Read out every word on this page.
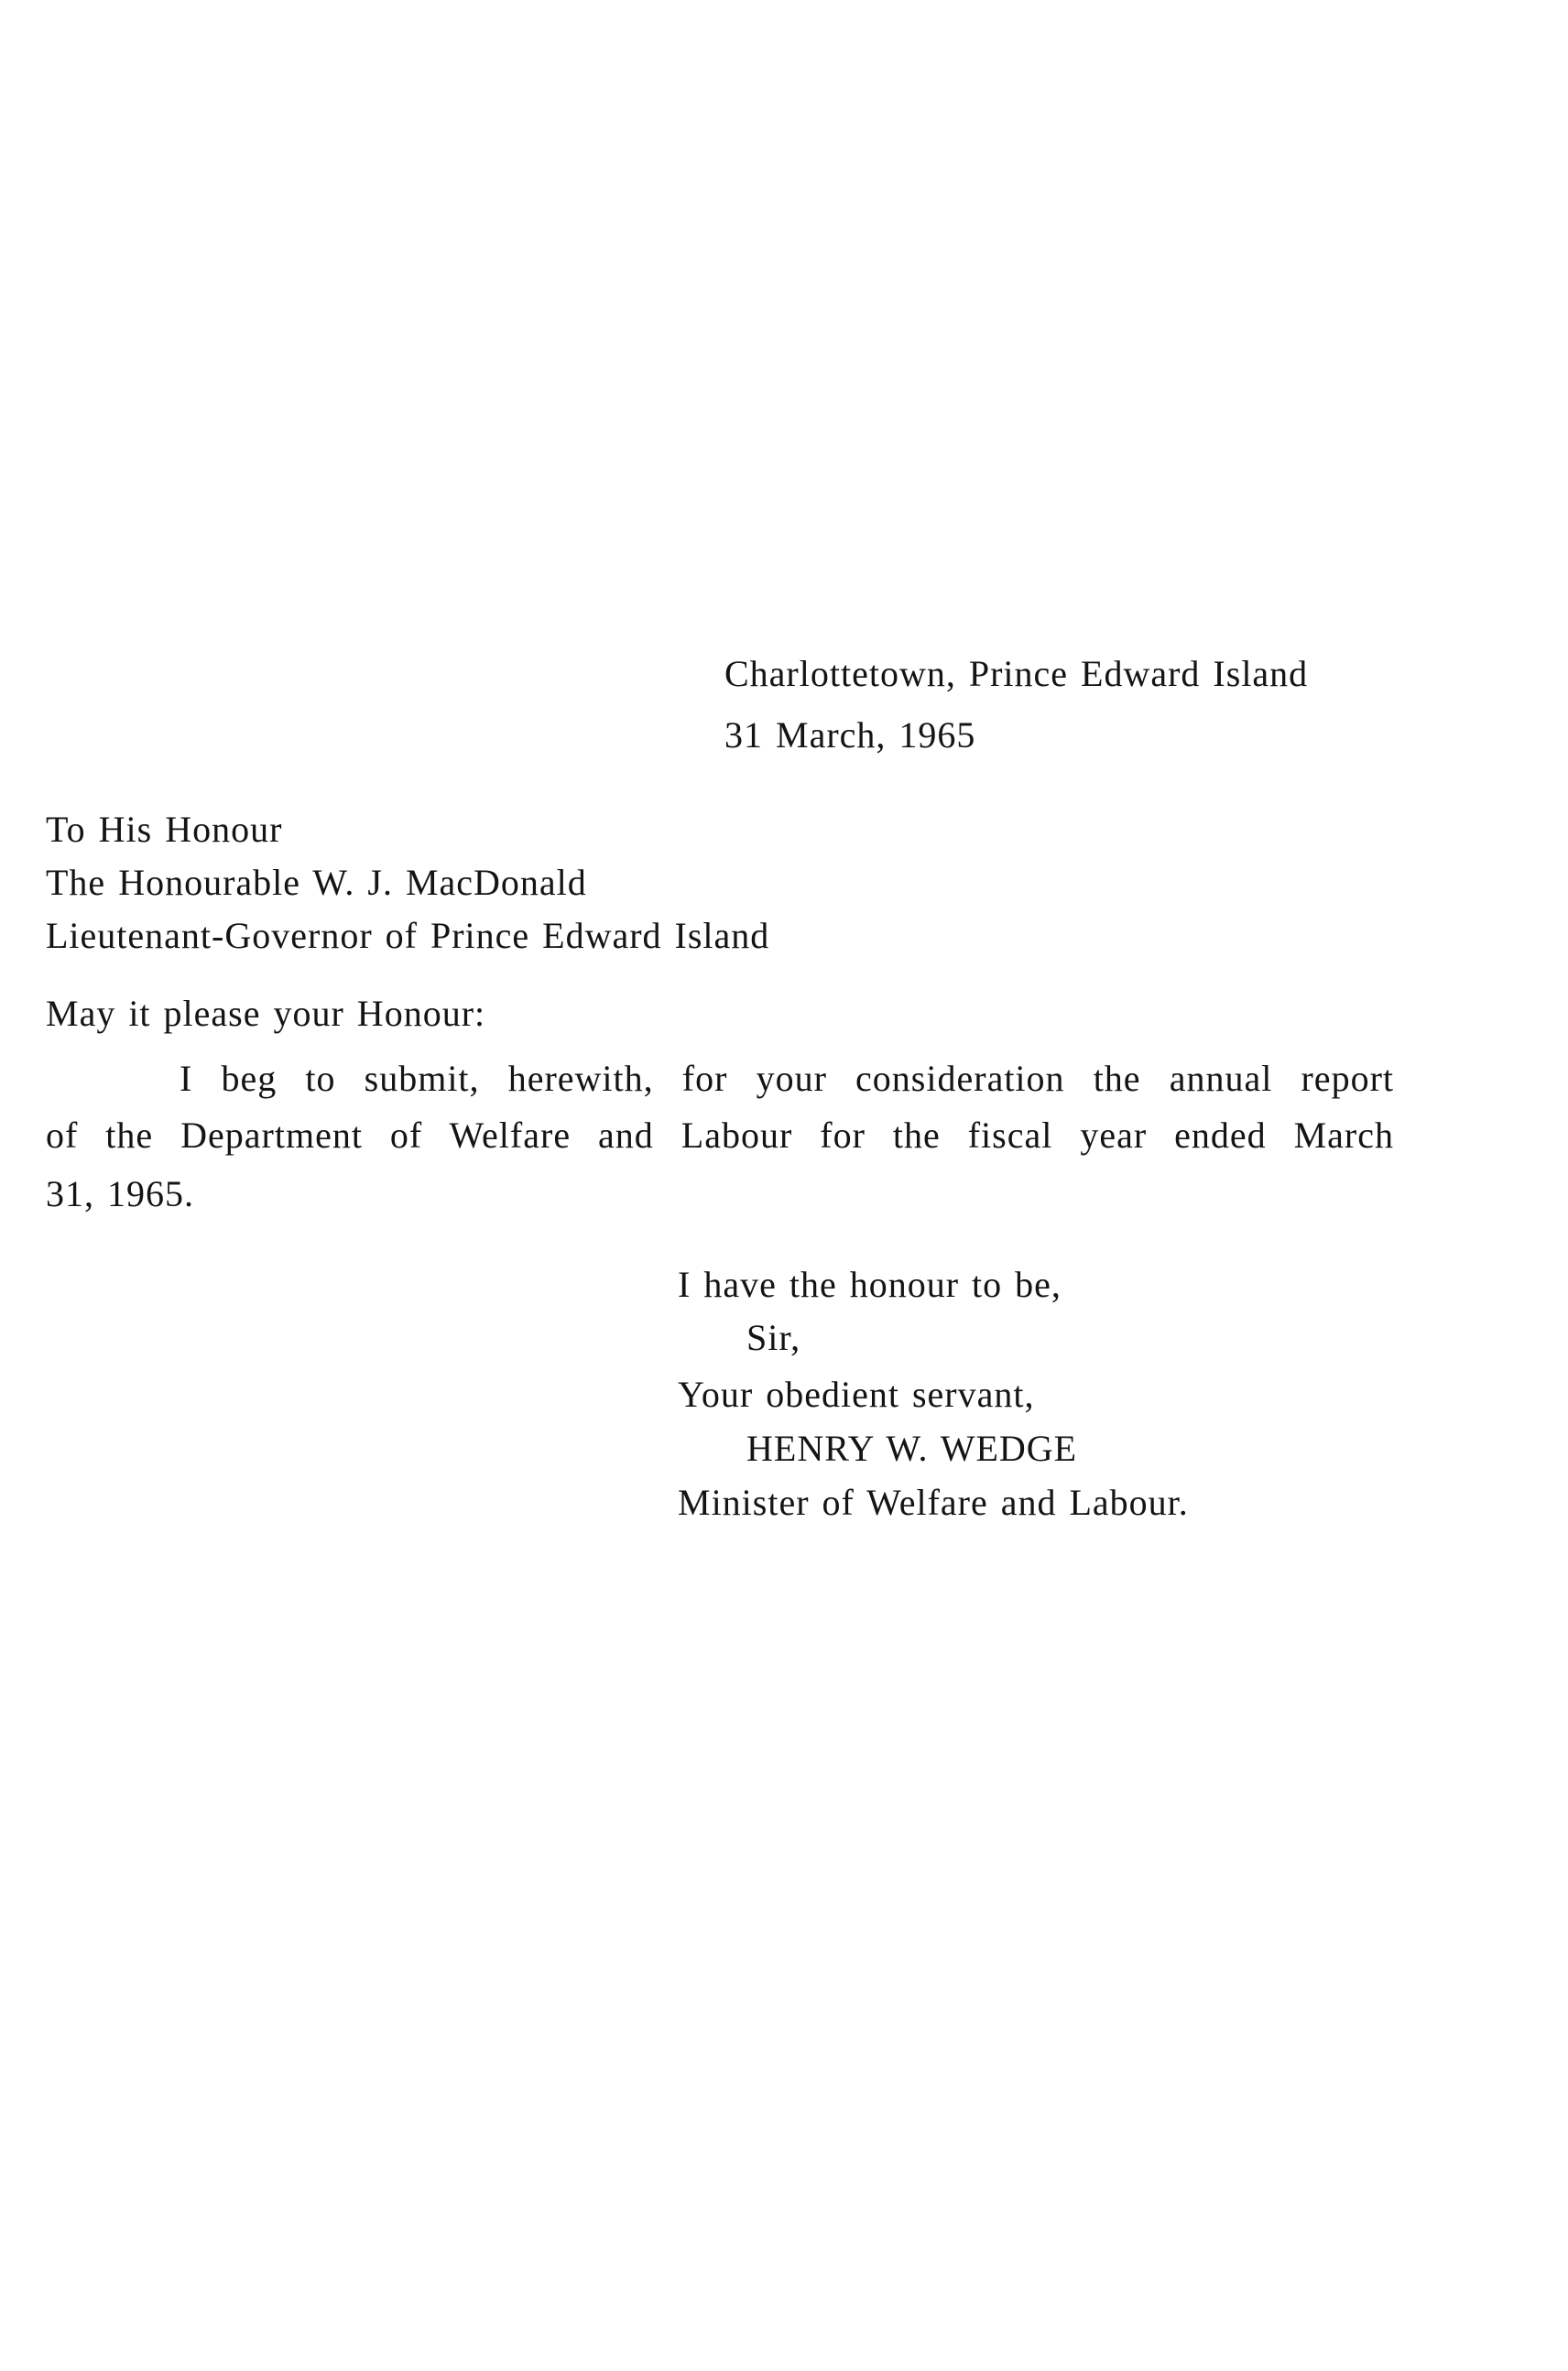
Charlottetown, Prince Edward Island
31 March, 1965
To His Honour
The Honourable W. J. MacDonald
Lieutenant-Governor of Prince Edward Island
May it please your Honour:
I beg to submit, herewith, for your consideration the annual report
of the Department of Welfare and Labour for the fiscal year ended March
31, 1965.
I have the honour to be,
Sir,
Your obedient servant,
HENRY W. WEDGE
Minister of Welfare and Labour.
